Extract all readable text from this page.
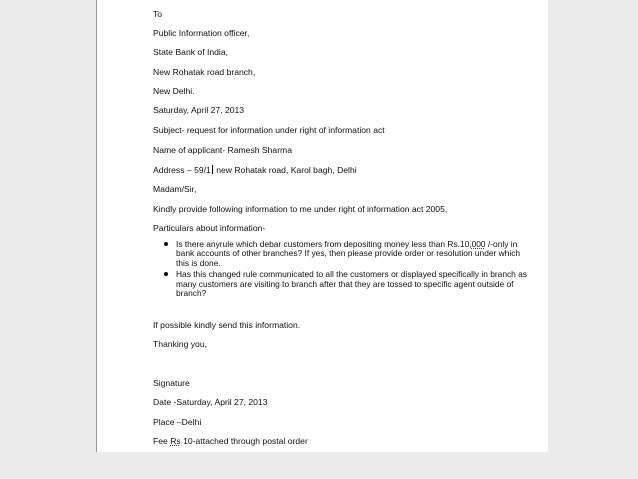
To
Public Information officer,
State Bank of India,
New Rohatak road branch,
New Delhi.
Saturday, April 27, 2013
Subject- request for information under right of information act
Name of applicant- Ramesh Sharma
Address – 59/1 new Rohatak road, Karol bagh, Delhi
Madam/Sir,
Kindly provide following information to me under right of information act 2005,
Particulars about information-
Is there anyrule which debar customers from depositing money less than Rs.10,000 /-only in bank accounts of other branches? If yes, then please provide order or resolution under which this is done.
Has this changed rule communicated to all the customers or displayed specifically in branch as many customers are visiting to branch after that they are tossed to specific agent outside of branch?
If possible kindly send this information.
Thanking you,
Signature
Date -Saturday, April 27, 2013
Place –Delhi
Fee Rs 10-attached through postal order
